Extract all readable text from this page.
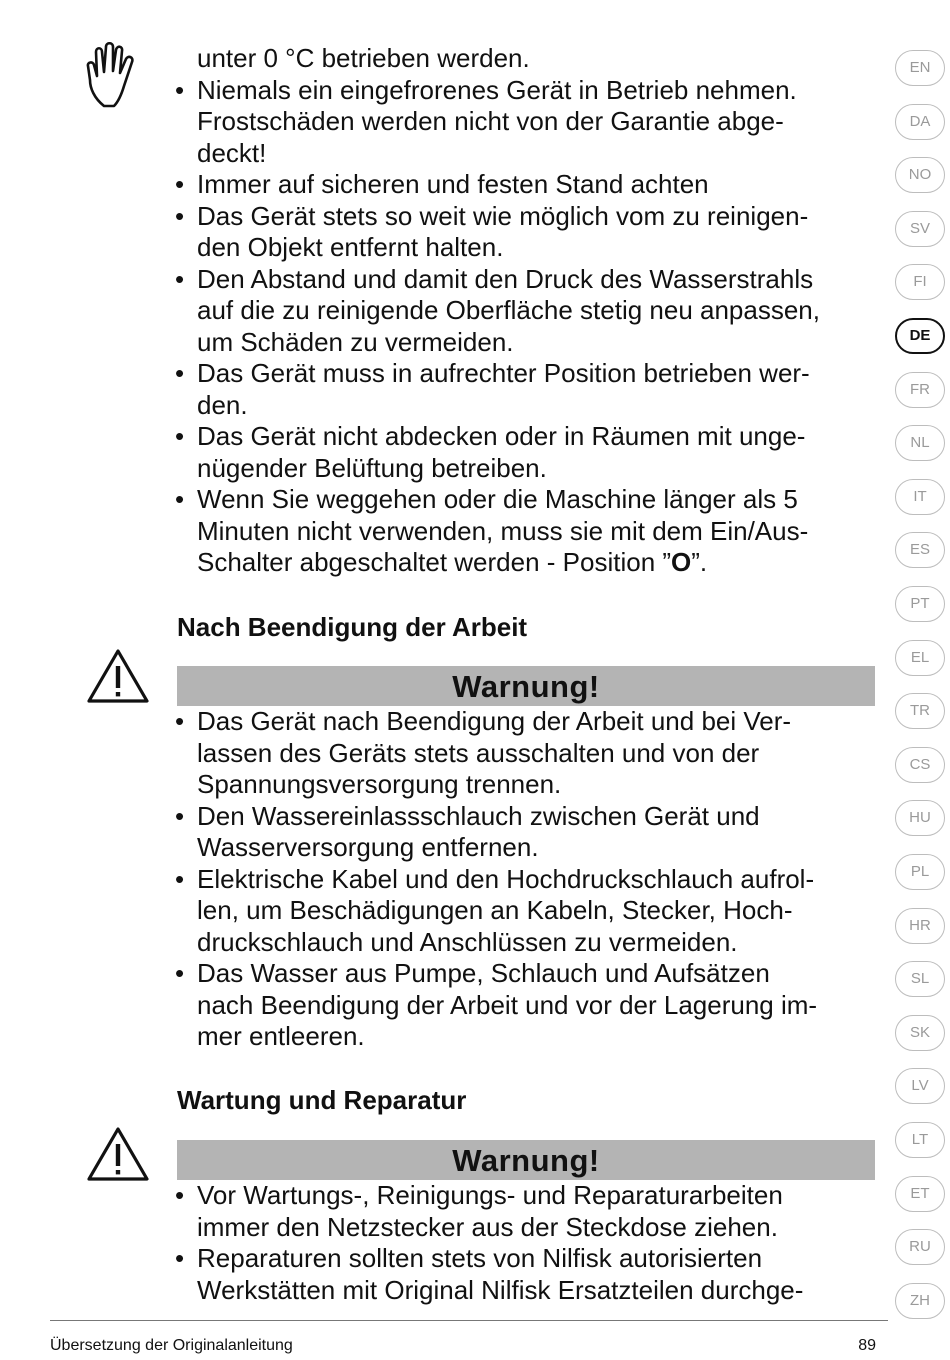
unter 0 °C betrieben werden.
• Niemals ein eingefrorenes Gerät in Betrieb nehmen.
Frostschäden werden nicht von der Garantie abge-
deckt!
• Immer auf sicheren und festen Stand achten
• Das Gerät stets so weit wie möglich vom zu reinigen-
den Objekt entfernt halten.
• Den Abstand und damit den Druck des Wasserstrahls
auf die zu reinigende Oberfläche stetig neu anpassen,
um Schäden zu vermeiden.
• Das Gerät muss in aufrechter Position betrieben wer-
den.
• Das Gerät nicht abdecken oder in Räumen mit unge-
nügender Belüftung betreiben.
• Wenn Sie weggehen oder die Maschine länger als 5
Minuten nicht verwenden, muss sie mit dem Ein/Aus-
Schalter abgeschaltet werden - Position ”O”.
Nach Beendigung der Arbeit
Warnung!
• Das Gerät nach Beendigung der Arbeit und bei Ver-
lassen des Geräts stets ausschalten und von der
Spannungsversorgung trennen.
• Den Wassereinlassschlauch zwischen Gerät und
Wasserversorgung entfernen.
• Elektrische Kabel und den Hochdruckschlauch aufrol-
len, um Beschädigungen an Kabeln, Stecker, Hoch-
druckschlauch und Anschlüssen zu vermeiden.
• Das Wasser aus Pumpe, Schlauch und Aufsätzen
nach Beendigung der Arbeit und vor der Lagerung im-
mer entleeren.
Wartung und Reparatur
Warnung!
• Vor Wartungs-, Reinigungs- und Reparaturarbeiten
immer den Netzstecker aus der Steckdose ziehen.
• Reparaturen sollten stets von Nilfisk autorisierten
Werkstätten mit Original Nilfisk Ersatzteilen durchge-
EN
DA
NO
SV
FI
DE
FR
NL
IT
ES
PT
EL
TR
CS
HU
PL
HR
SL
SK
LV
LT
ET
RU
ZH
Übersetzung der Originalanleitung	89
